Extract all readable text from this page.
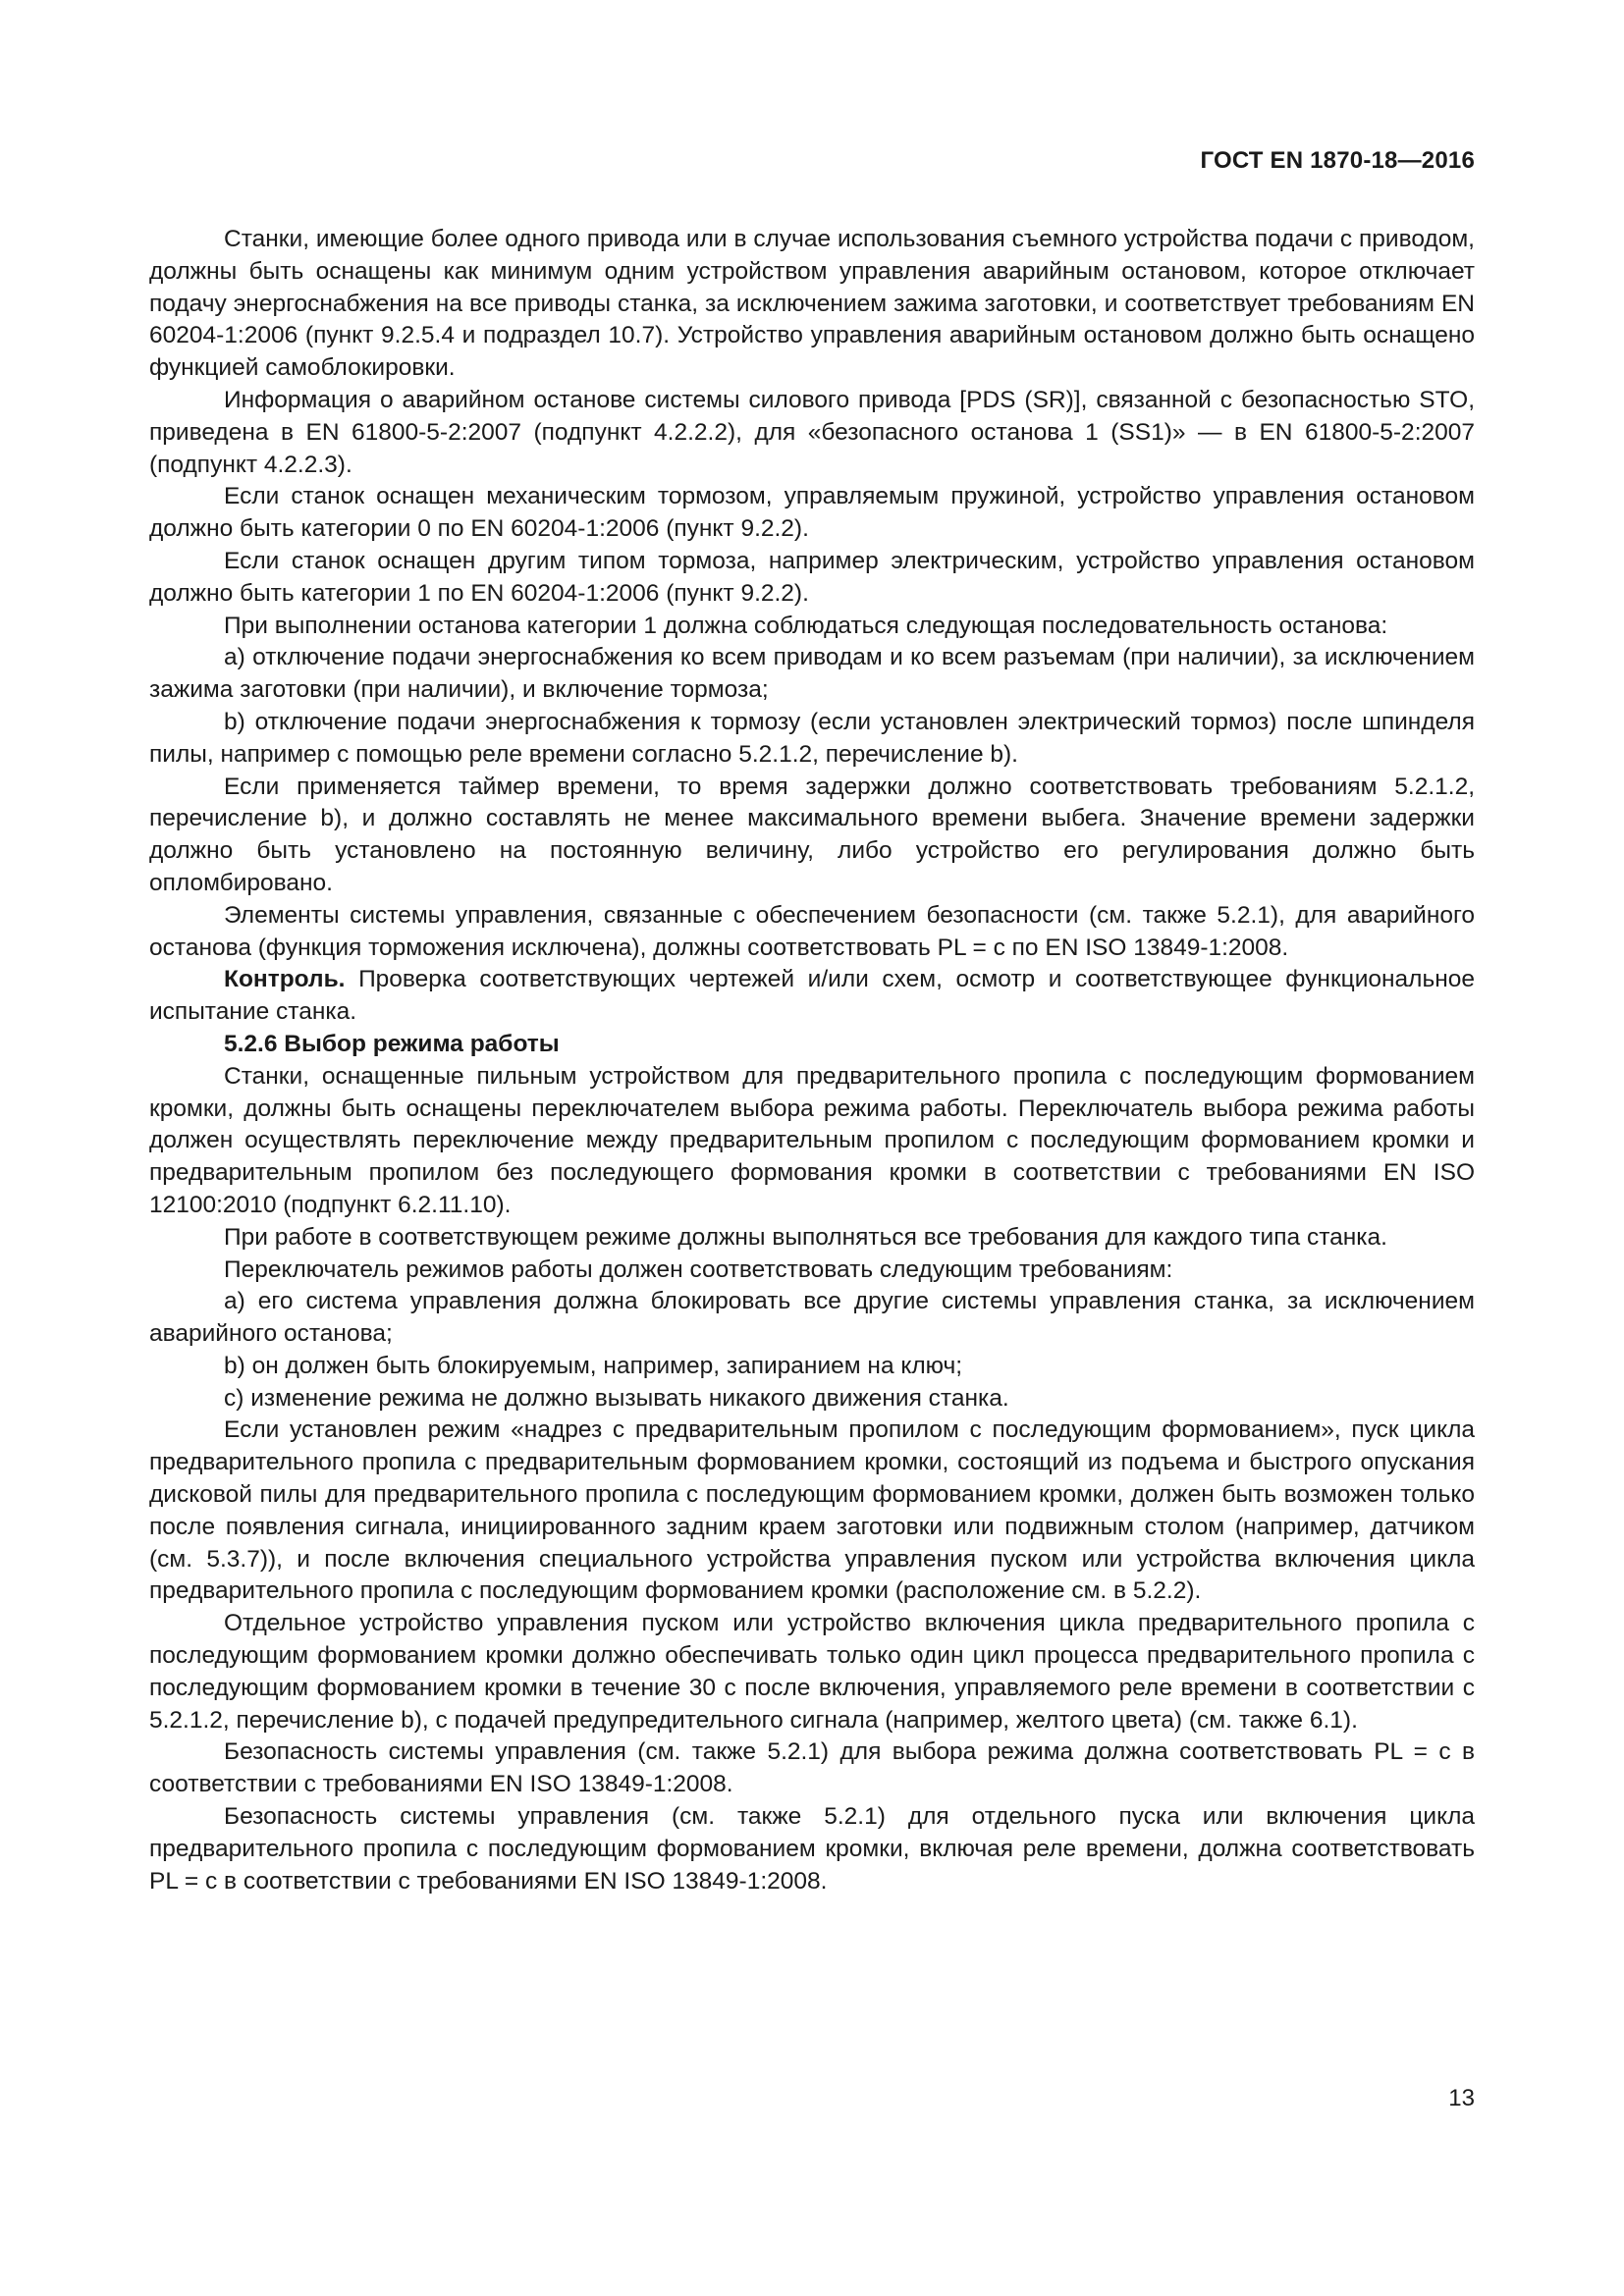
ГОСТ EN 1870-18—2016

Станки, имеющие более одного привода или в случае использования съемного устройства подачи с приводом, должны быть оснащены как минимум одним устройством управления аварийным остановом, которое отключает подачу энергоснабжения на все приводы станка, за исключением зажима заготовки, и соответствует требованиям EN 60204-1:2006 (пункт 9.2.5.4 и подраздел 10.7). Устройство управления аварийным остановом должно быть оснащено функцией самоблокировки.

Информация о аварийном останове системы силового привода [PDS (SR)], связанной с безопасностью STO, приведена в EN 61800-5-2:2007 (подпункт 4.2.2.2), для «безопасного останова 1 (SS1)» — в EN 61800-5-2:2007 (подпункт 4.2.2.3).

Если станок оснащен механическим тормозом, управляемым пружиной, устройство управления остановом должно быть категории 0 по EN 60204-1:2006 (пункт 9.2.2).

Если станок оснащен другим типом тормоза, например электрическим, устройство управления остановом должно быть категории 1 по EN 60204-1:2006 (пункт 9.2.2).

При выполнении останова категории 1 должна соблюдаться следующая последовательность останова:

a) отключение подачи энергоснабжения ко всем приводам и ко всем разъемам (при наличии), за исключением зажима заготовки (при наличии), и включение тормоза;

b) отключение подачи энергоснабжения к тормозу (если установлен электрический тормоз) после шпинделя пилы, например с помощью реле времени согласно 5.2.1.2, перечисление b).

Если применяется таймер времени, то время задержки должно соответствовать требованиям 5.2.1.2, перечисление b), и должно составлять не менее максимального времени выбега. Значение времени задержки должно быть установлено на постоянную величину, либо устройство его регулирования должно быть опломбировано.

Элементы системы управления, связанные с обеспечением безопасности (см. также 5.2.1), для аварийного останова (функция торможения исключена), должны соответствовать PL = c по EN ISO 13849-1:2008.

Контроль. Проверка соответствующих чертежей и/или схем, осмотр и соответствующее функциональное испытание станка.

5.2.6 Выбор режима работы

Станки, оснащенные пильным устройством для предварительного пропила с последующим формованием кромки, должны быть оснащены переключателем выбора режима работы. Переключатель выбора режима работы должен осуществлять переключение между предварительным пропилом с последующим формованием кромки и предварительным пропилом без последующего формования кромки в соответствии с требованиями EN ISO 12100:2010 (подпункт 6.2.11.10).

При работе в соответствующем режиме должны выполняться все требования для каждого типа станка.

Переключатель режимов работы должен соответствовать следующим требованиям:

a) его система управления должна блокировать все другие системы управления станка, за исключением аварийного останова;

b) он должен быть блокируемым, например, запиранием на ключ;

c) изменение режима не должно вызывать никакого движения станка.

Если установлен режим «надрез с предварительным пропилом с последующим формованием», пуск цикла предварительного пропила с предварительным формованием кромки, состоящий из подъема и быстрого опускания дисковой пилы для предварительного пропила с последующим формованием кромки, должен быть возможен только после появления сигнала, инициированного задним краем заготовки или подвижным столом (например, датчиком (см. 5.3.7)), и после включения специального устройства управления пуском или устройства включения цикла предварительного пропила с последующим формованием кромки (расположение см. в 5.2.2).

Отдельное устройство управления пуском или устройство включения цикла предварительного пропила с последующим формованием кромки должно обеспечивать только один цикл процесса предварительного пропила с последующим формованием кромки в течение 30 с после включения, управляемого реле времени в соответствии с 5.2.1.2, перечисление b), с подачей предупредительного сигнала (например, желтого цвета) (см. также 6.1).

Безопасность системы управления (см. также 5.2.1) для выбора режима должна соответствовать PL = c в соответствии с требованиями EN ISO 13849-1:2008.

Безопасность системы управления (см. также 5.2.1) для отдельного пуска или включения цикла предварительного пропила с последующим формованием кромки, включая реле времени, должна соответствовать PL = c в соответствии с требованиями EN ISO 13849-1:2008.

13
